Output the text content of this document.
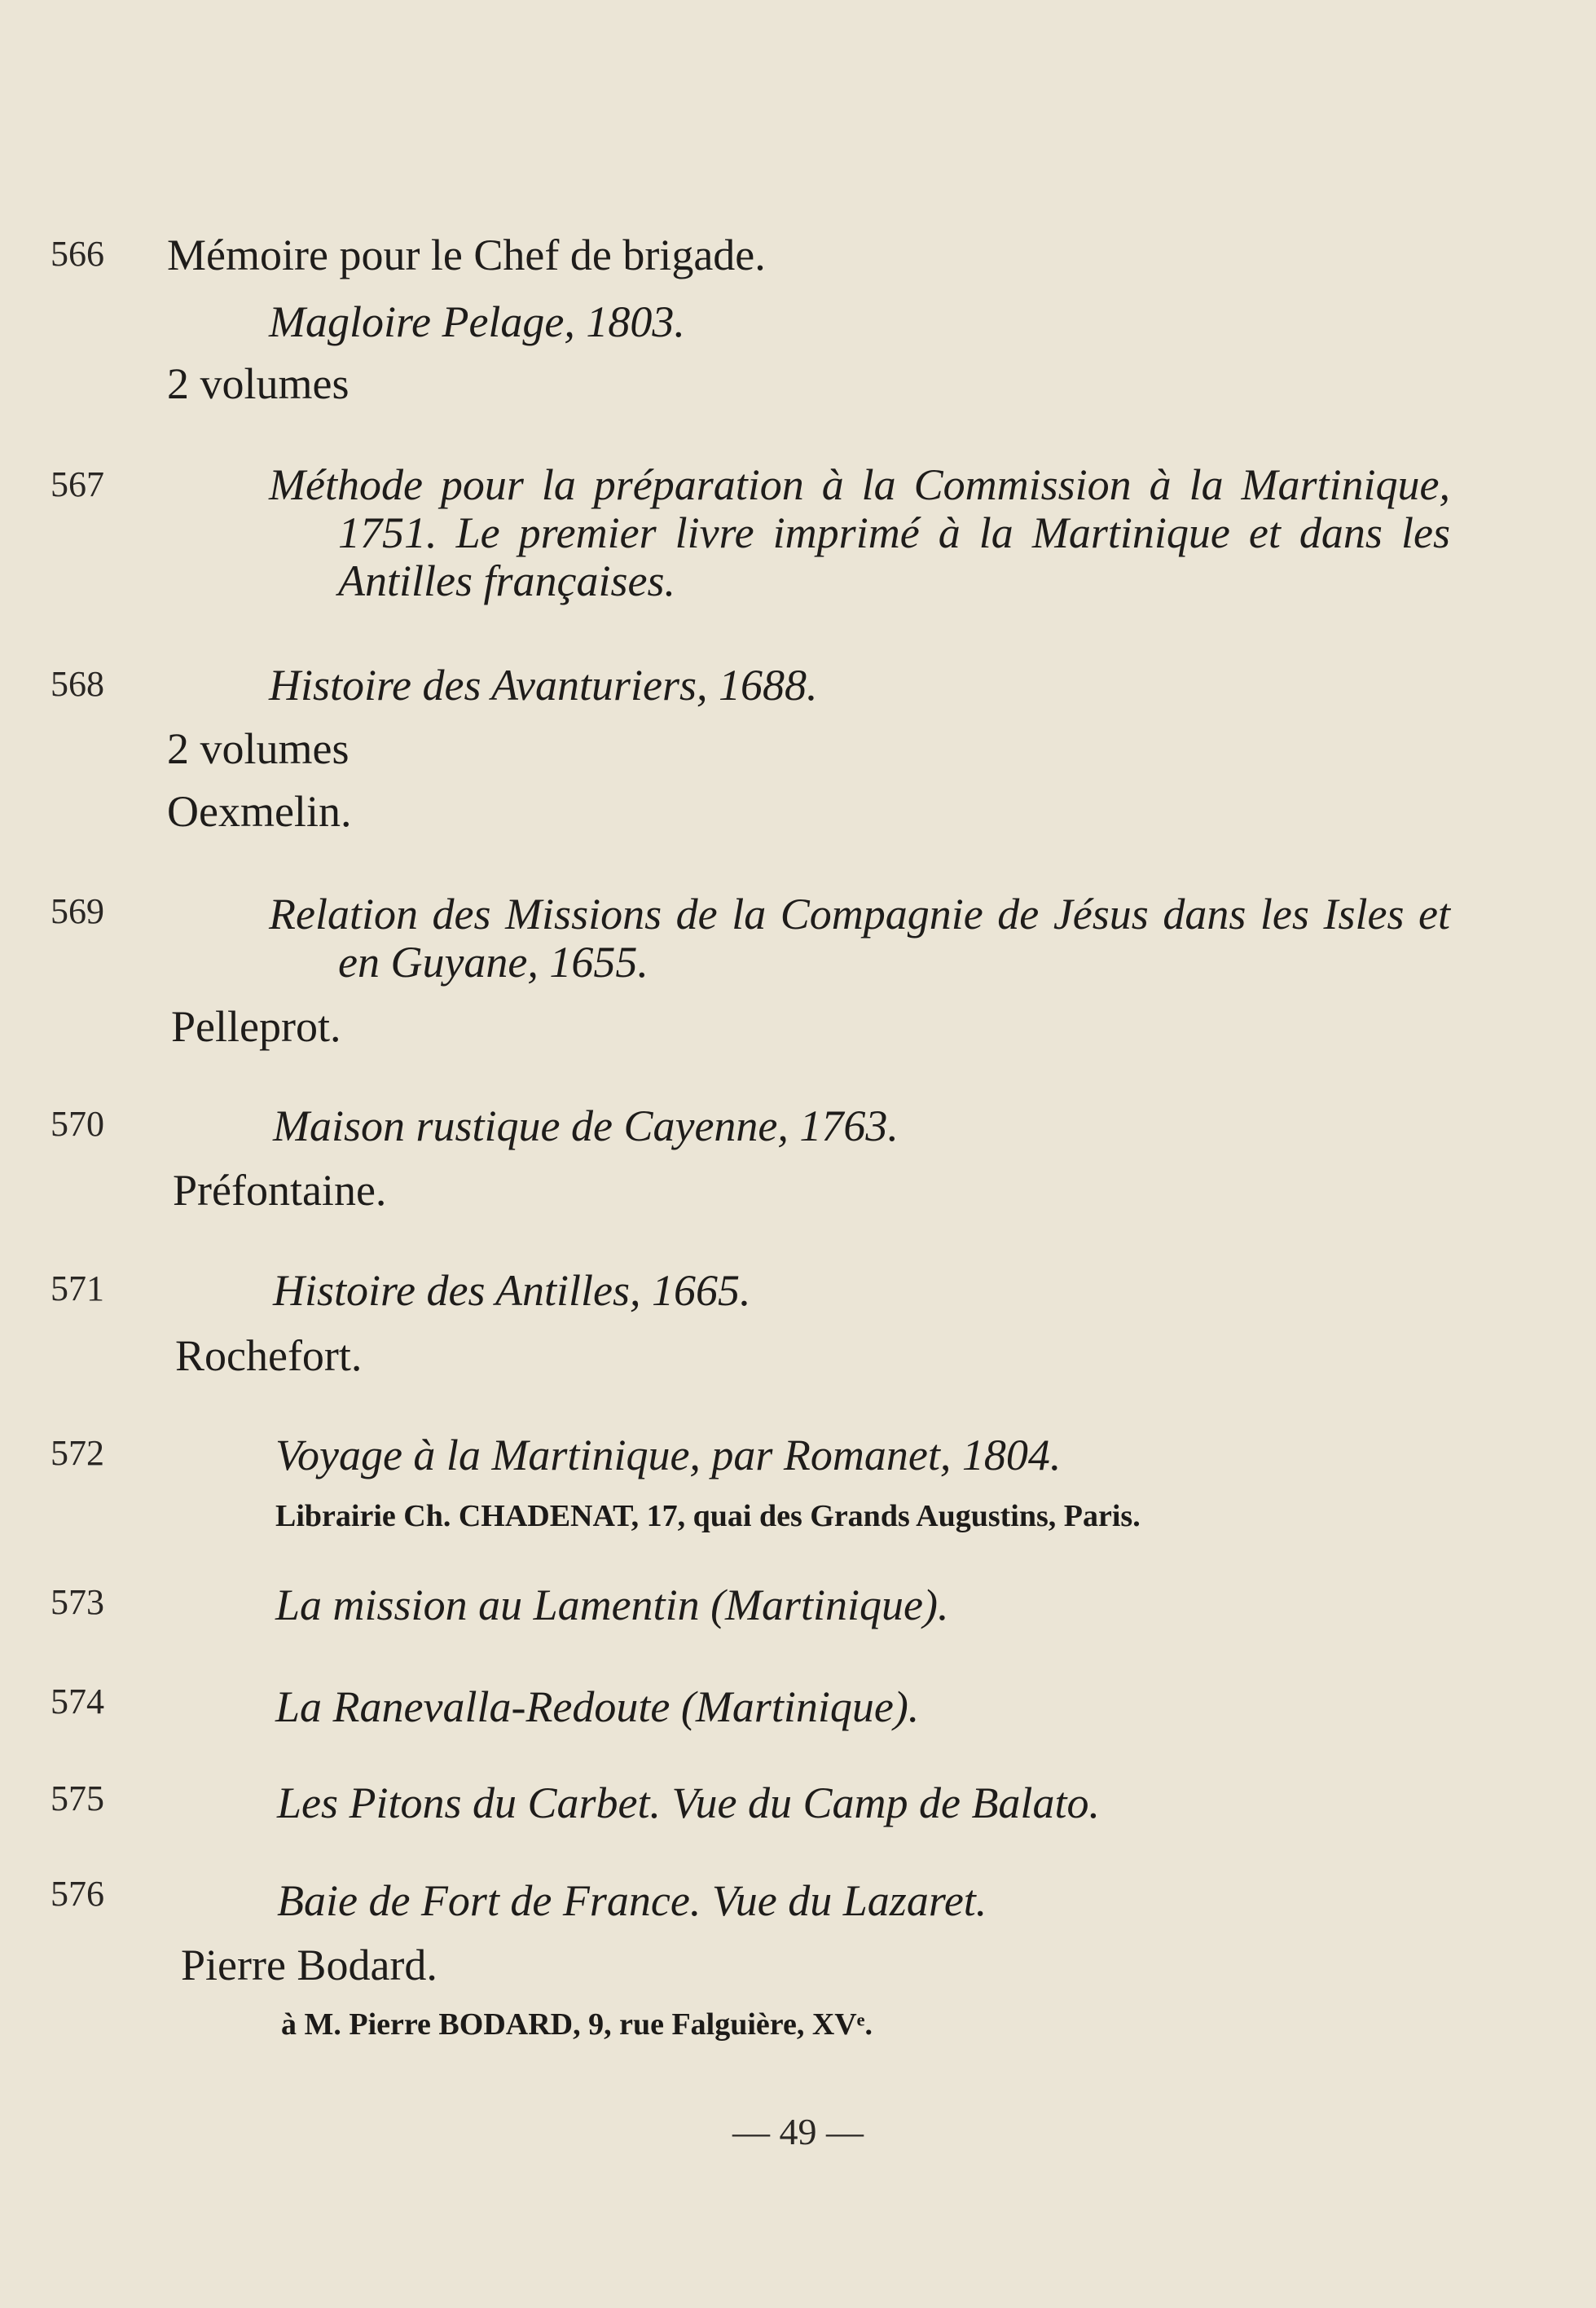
566 Mémoire pour le Chef de brigade.
Magloire Pelage, 1803.
2 volumes
567	Méthode pour la préparation à la Commission à la Martinique, 1751. Le premier livre imprimé à la Martinique et dans les Antilles françaises.
568	Histoire des Avanturiers, 1688.
2 volumes
Oexmelin.
569	Relation des Missions de la Compagnie de Jésus dans les Isles et en Guyane, 1655.
Pelleprot.
570	Maison rustique de Cayenne, 1763.
Préfontaine.
571	Histoire des Antilles, 1665.
Rochefort.
572	Voyage à la Martinique, par Romanet, 1804.
Librairie Ch. CHADENAT, 17, quai des Grands Augustins, Paris.
573	La mission au Lamentin (Martinique).
574	La Ranevalla-Redoute (Martinique).
575	Les Pitons du Carbet. Vue du Camp de Balato.
576	Baie de Fort de France. Vue du Lazaret.
Pierre Bodard.
à M. Pierre BODARD, 9, rue Falguière, XVᵉ.
— 49 —
